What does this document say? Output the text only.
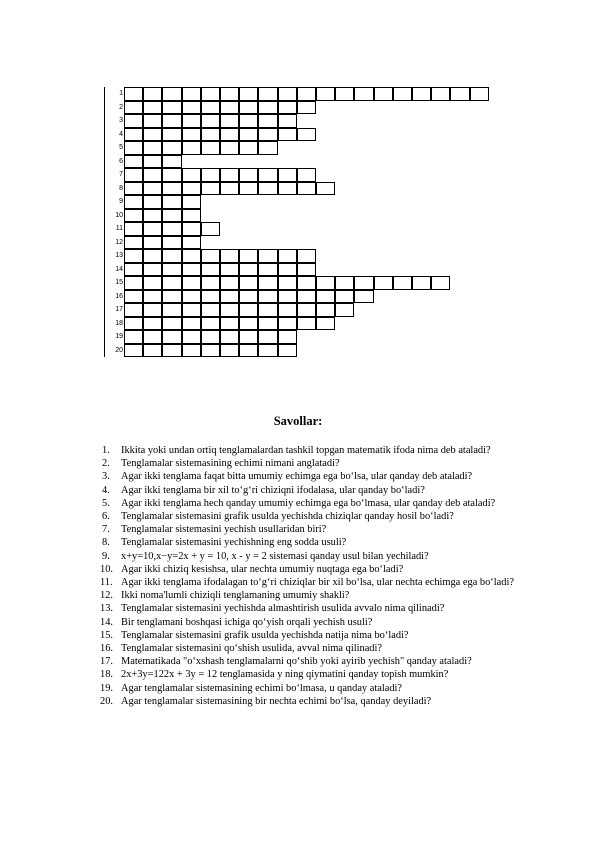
1
2
3
4
5
6
7
8
9
10
11
12
13
14
15
16
17
18
19
20
Savollar:
1.	Ikkita yoki undan ortiq tenglamalardan tashkil topgan matematik ifoda nima deb ataladi?
2.	Tenglamalar sistemasining echimi nimani anglatadi?
3.	Agar ikki tenglama faqat bitta umumiy echimga ega bo‘lsa, ular qanday deb ataladi?
4.	Agar ikki tenglama bir xil to‘g‘ri chiziqni ifodalasa, ular qanday bo‘ladi?
5.	Agar ikki tenglama hech qanday umumiy echimga ega bo‘lmasa, ular qanday deb ataladi?
6.	Tenglamalar sistemasini grafik usulda yechishda chiziqlar qanday hosil bo‘ladi?
7.	Tenglamalar sistemasini yechish usullaridan biri?
8.	Tenglamalar sistemasini yechishning eng sodda usuli?
9.	x+y=10,x−y=2x + y = 10, x - y = 2 sistemasi qanday usul bilan yechiladi?
10. Agar ikki chiziq kesishsa, ular nechta umumiy nuqtaga ega bo‘ladi?
11. Agar ikki tenglama ifodalagan to‘g‘ri chiziqlar bir xil bo‘lsa, ular nechta echimga ega bo‘ladi?
12. Ikki noma'lumli chiziqli tenglamaning umumiy shakli?
13. Tenglamalar sistemasini yechishda almashtirish usulida avvalo nima qilinadi?
14. Bir tenglamani boshqasi ichiga qo‘yish orqali yechish usuli?
15. Tenglamalar sistemasini grafik usulda yechishda natija nima bo‘ladi?
16. Tenglamalar sistemasini qo‘shish usulida, avval nima qilinadi?
17. Matematikada "o‘xshash tenglamalarni qo‘shib yoki ayirib yechish" qanday ataladi?
18. 2x+3y=122x + 3y = 12 tenglamasida y ning qiymatini qanday topish mumkin?
19. Agar tenglamalar sistemasining echimi bo‘lmasa, u qanday ataladi?
20. Agar tenglamalar sistemasining bir nechta echimi bo‘lsa, qanday deyiladi?
